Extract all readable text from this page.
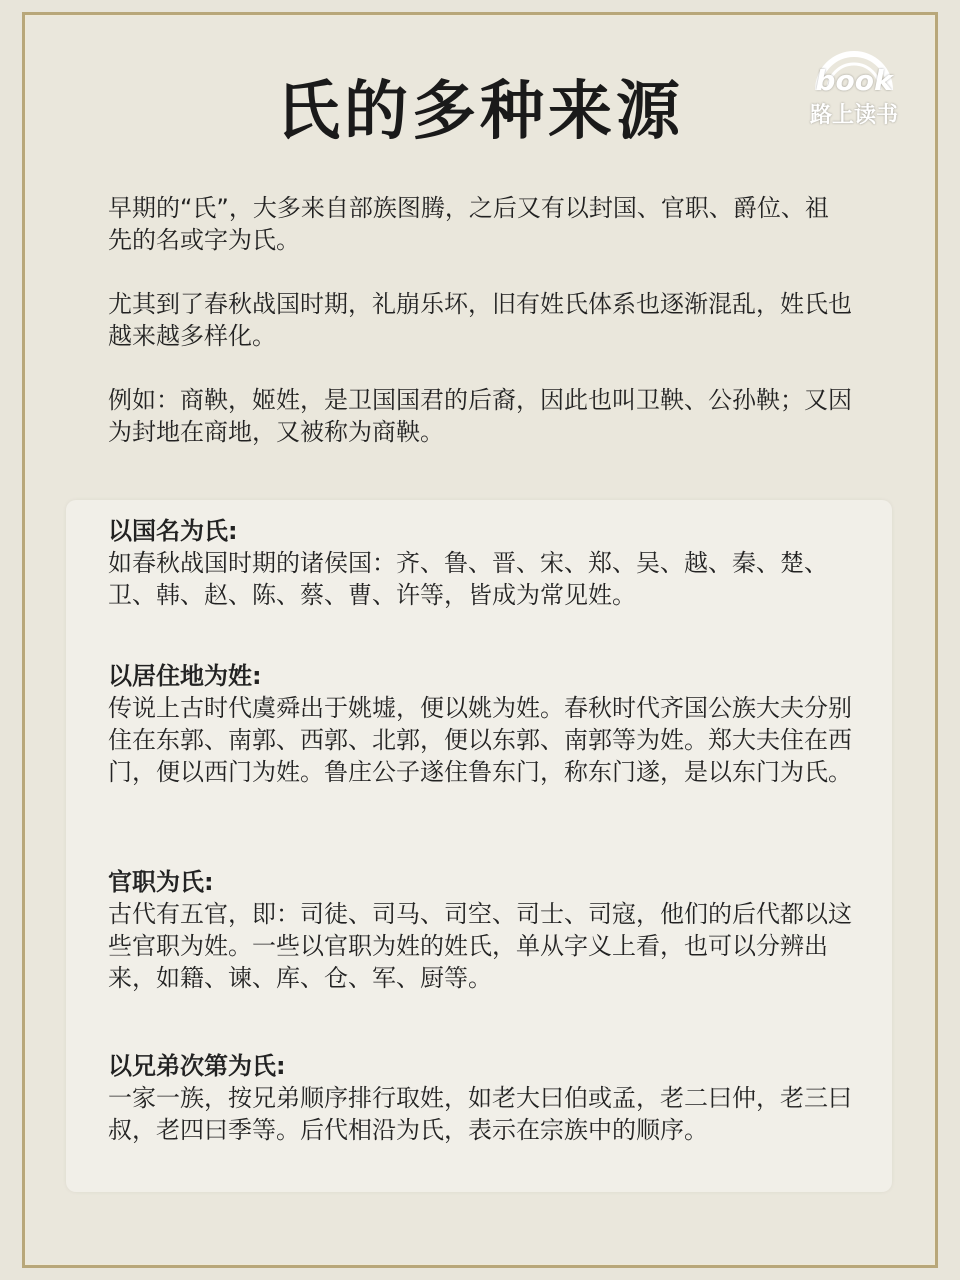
book
路上读书
氏的多种来源

早期的“氏”，大多来自部族图腾，之后又有以封国、官职、爵位、祖先的名或字为氏。

尤其到了春秋战国时期，礼崩乐坏，旧有姓氏体系也逐渐混乱，姓氏也越来越多样化。

例如：商鞅，姬姓，是卫国国君的后裔，因此也叫卫鞅、公孙鞅；又因为封地在商地，又被称为商鞅。

以国名为氏:

如春秋战国时期的诸侯国：齐、鲁、晋、宋、郑、吴、越、秦、楚、卫、韩、赵、陈、蔡、曹、许等，皆成为常见姓。

以居住地为姓:

传说上古时代虞舜出于姚墟，便以姚为姓。春秋时代齐国公族大夫分别住在东郭、南郭、西郭、北郭，便以东郭、南郭等为姓。郑大夫住在西门，便以西门为姓。鲁庄公子遂住鲁东门，称东门遂，是以东门为氏。

官职为氏:

古代有五官，即：司徒、司马、司空、司士、司寇，他们的后代都以这些官职为姓。一些以官职为姓的姓氏，单从字义上看，也可以分辨出来，如籍、谏、库、仓、军、厨等。

以兄弟次第为氏:

一家一族，按兄弟顺序排行取姓，如老大曰伯或孟，老二曰仲，老三曰叔，老四曰季等。后代相沿为氏，表示在宗族中的顺序。
